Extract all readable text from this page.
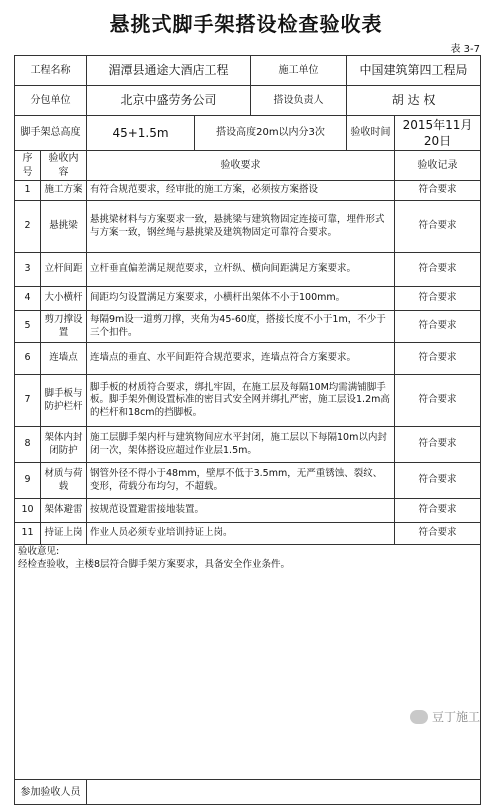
悬挑式脚手架搭设检查验收表
表 3-7
工程名称		湄潭县通途大酒店工程		施工单位	中国建筑第四工程局	
分包单位		北京中盛劳务公司		搭设负责人	胡 达 权	
脚手架总高度		45+1.5m	搭设高度20m以内分3次		验收时间	2015年11月20日
序号	验收内容	验收要求				验收记录
1	施工方案	有符合规范要求，经审批的施工方案，必须按方案搭设				符合要求
2	悬挑梁	悬挑梁材料与方案要求一致，悬挑梁与建筑物固定连接可靠，埋件形式与方案一致，钢丝绳与悬挑梁及建筑物固定可靠符合要求。				符合要求
3	立杆间距	立杆垂直偏差满足规范要求，立杆纵、横向间距满足方案要求。				符合要求
4	大小横杆	间距均匀设置满足方案要求，小横杆出架体不小于100mm。				符合要求
5	剪刀撑设置	每隔9m设一道剪刀撑，夹角为45-60度，搭接长度不小于1m，不少于三个扣件。				符合要求
6	连墙点	连墙点的垂直、水平间距符合规范要求，连墙点符合方案要求。				符合要求
7	脚手板与防护栏杆	脚手板的材质符合要求，绑扎牢固，在施工层及每隔10M均需满铺脚手板。脚手架外侧设置标准的密目式安全网并绑扎严密，施工层设1.2m高的栏杆和18cm的挡脚板。				符合要求
8	架体内封闭防护	施工层脚手架内杆与建筑物间应水平封闭，施工层以下每隔10m以内封闭一次，架体搭设应超过作业层1.5m。				符合要求
9	材质与荷载	钢管外径不得小于48mm，壁厚不低于3.5mm，无严重锈蚀、裂纹、变形，荷载分布均匀，不超载。				符合要求
10	架体避雷	按规范设置避雷接地装置。				符合要求
11	持证上岗	作业人员必须专业培训持证上岗。				符合要求

验收意见:
经检查验收，主楼8层符合脚手架方案要求，具备安全作业条件。						

参加验收人员						
豆丁施工
